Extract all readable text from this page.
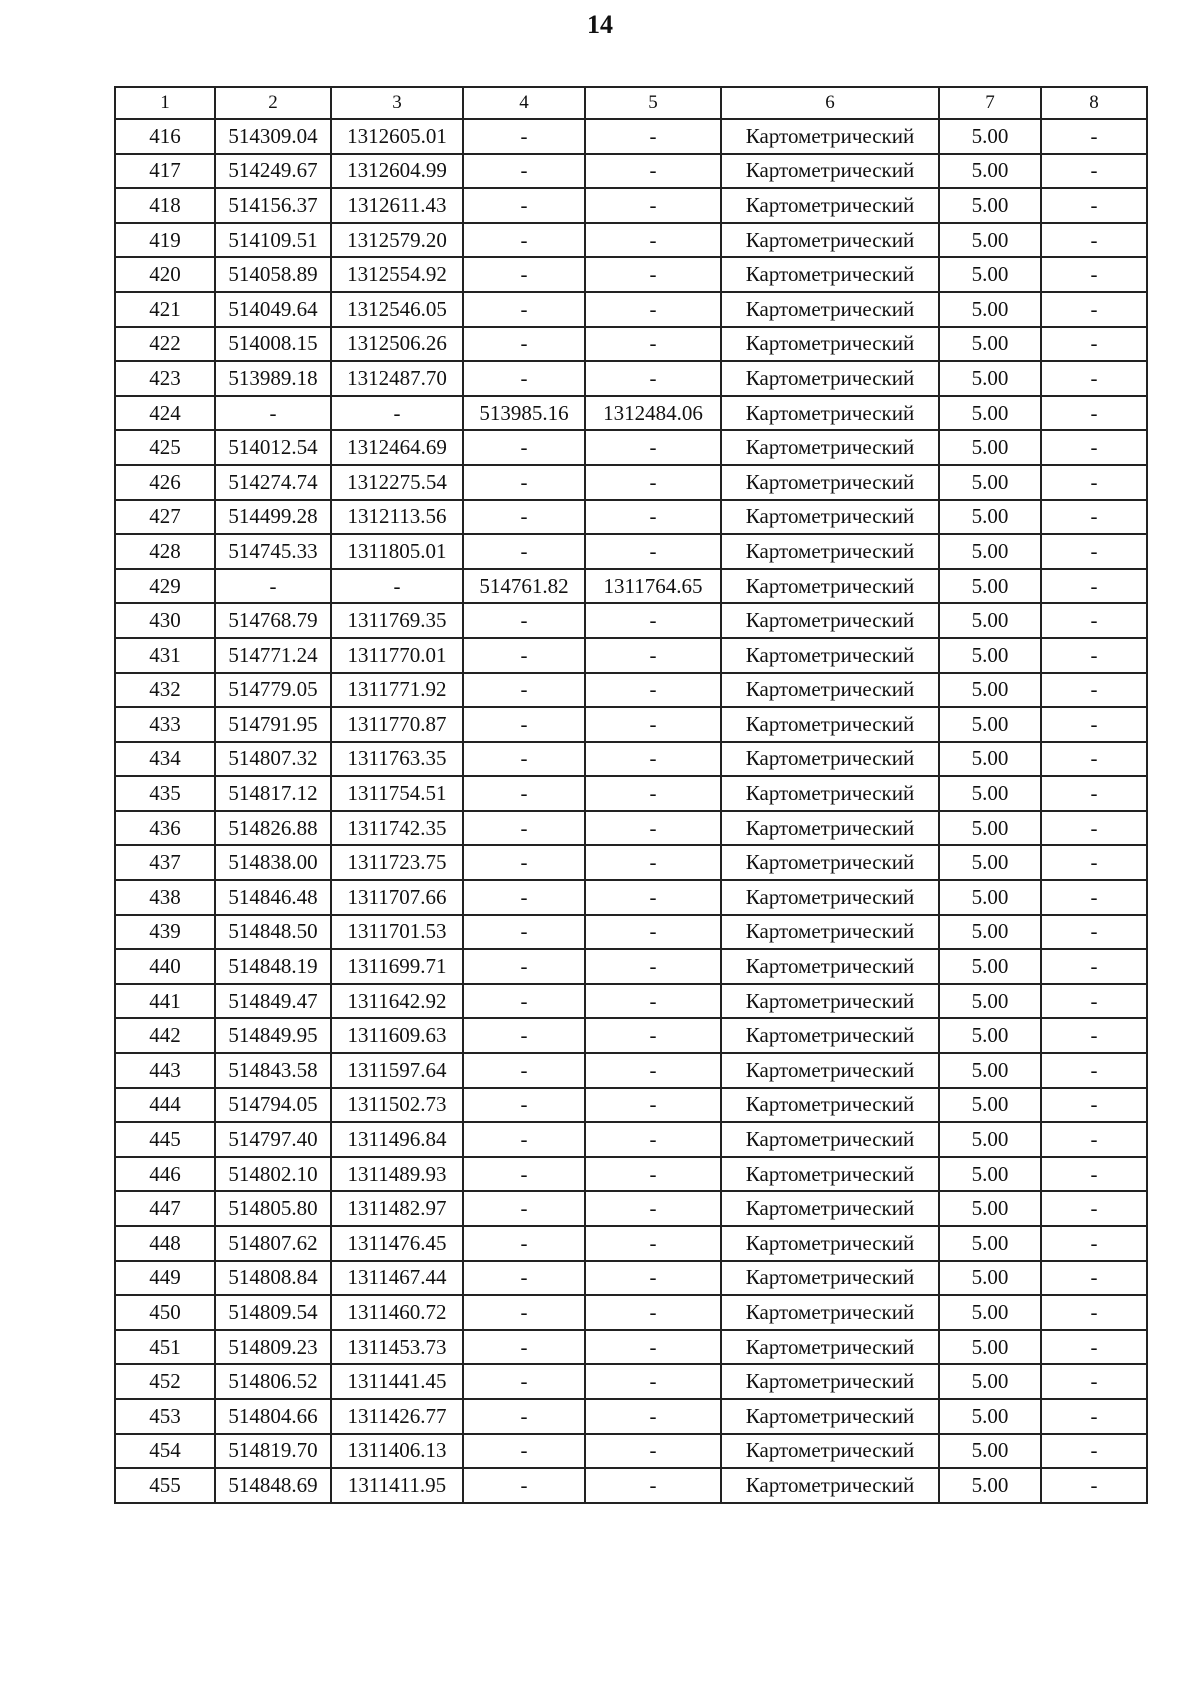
14
1	2	3	4	5	6	7	8
416	514309.04	1312605.01	-	-	Картометрический	5.00	-
417	514249.67	1312604.99	-	-	Картометрический	5.00	-
418	514156.37	1312611.43	-	-	Картометрический	5.00	-
419	514109.51	1312579.20	-	-	Картометрический	5.00	-
420	514058.89	1312554.92	-	-	Картометрический	5.00	-
421	514049.64	1312546.05	-	-	Картометрический	5.00	-
422	514008.15	1312506.26	-	-	Картометрический	5.00	-
423	513989.18	1312487.70	-	-	Картометрический	5.00	-
424	-	-	513985.16	1312484.06	Картометрический	5.00	-
425	514012.54	1312464.69	-	-	Картометрический	5.00	-
426	514274.74	1312275.54	-	-	Картометрический	5.00	-
427	514499.28	1312113.56	-	-	Картометрический	5.00	-
428	514745.33	1311805.01	-	-	Картометрический	5.00	-
429	-	-	514761.82	1311764.65	Картометрический	5.00	-
430	514768.79	1311769.35	-	-	Картометрический	5.00	-
431	514771.24	1311770.01	-	-	Картометрический	5.00	-
432	514779.05	1311771.92	-	-	Картометрический	5.00	-
433	514791.95	1311770.87	-	-	Картометрический	5.00	-
434	514807.32	1311763.35	-	-	Картометрический	5.00	-
435	514817.12	1311754.51	-	-	Картометрический	5.00	-
436	514826.88	1311742.35	-	-	Картометрический	5.00	-
437	514838.00	1311723.75	-	-	Картометрический	5.00	-
438	514846.48	1311707.66	-	-	Картометрический	5.00	-
439	514848.50	1311701.53	-	-	Картометрический	5.00	-
440	514848.19	1311699.71	-	-	Картометрический	5.00	-
441	514849.47	1311642.92	-	-	Картометрический	5.00	-
442	514849.95	1311609.63	-	-	Картометрический	5.00	-
443	514843.58	1311597.64	-	-	Картометрический	5.00	-
444	514794.05	1311502.73	-	-	Картометрический	5.00	-
445	514797.40	1311496.84	-	-	Картометрический	5.00	-
446	514802.10	1311489.93	-	-	Картометрический	5.00	-
447	514805.80	1311482.97	-	-	Картометрический	5.00	-
448	514807.62	1311476.45	-	-	Картометрический	5.00	-
449	514808.84	1311467.44	-	-	Картометрический	5.00	-
450	514809.54	1311460.72	-	-	Картометрический	5.00	-
451	514809.23	1311453.73	-	-	Картометрический	5.00	-
452	514806.52	1311441.45	-	-	Картометрический	5.00	-
453	514804.66	1311426.77	-	-	Картометрический	5.00	-
454	514819.70	1311406.13	-	-	Картометрический	5.00	-
455	514848.69	1311411.95	-	-	Картометрический	5.00	-
